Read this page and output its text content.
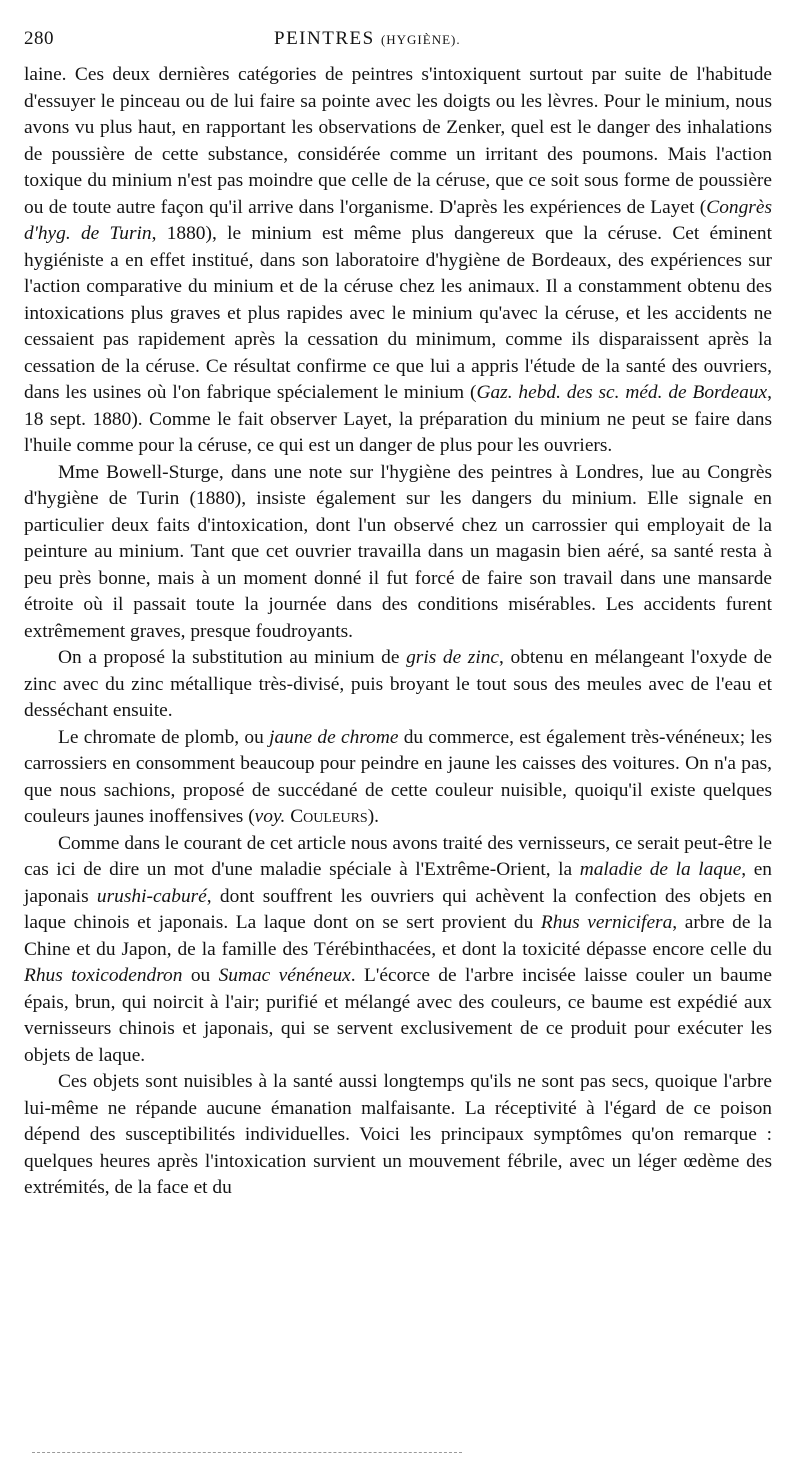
280	PEINTRES (HYGIÈNE).

laine. Ces deux dernières catégories de peintres s'intoxiquent surtout par suite de l'habitude d'essuyer le pinceau ou de lui faire sa pointe avec les doigts ou les lèvres. Pour le minium, nous avons vu plus haut, en rapportant les observations de Zenker, quel est le danger des inhalations de poussière de cette substance, considérée comme un irritant des poumons. Mais l'action toxique du minium n'est pas moindre que celle de la céruse, que ce soit sous forme de poussière ou de toute autre façon qu'il arrive dans l'organisme. D'après les expériences de Layet (Congrès d'hyg. de Turin, 1880), le minium est même plus dangereux que la céruse. Cet éminent hygiéniste a en effet institué, dans son laboratoire d'hygiène de Bordeaux, des expériences sur l'action comparative du minium et de la céruse chez les animaux. Il a constamment obtenu des intoxications plus graves et plus rapides avec le minium qu'avec la céruse, et les accidents ne cessaient pas rapidement après la cessation du minimum, comme ils disparaissent après la cessation de la céruse. Ce résultat confirme ce que lui a appris l'étude de la santé des ouvriers, dans les usines où l'on fabrique spécialement le minium (Gaz. hebd. des sc. méd. de Bordeaux, 18 sept. 1880). Comme le fait observer Layet, la préparation du minium ne peut se faire dans l'huile comme pour la céruse, ce qui est un danger de plus pour les ouvriers.

Mme Bowell-Sturge, dans une note sur l'hygiène des peintres à Londres, lue au Congrès d'hygiène de Turin (1880), insiste également sur les dangers du minium. Elle signale en particulier deux faits d'intoxication, dont l'un observé chez un carrossier qui employait de la peinture au minium. Tant que cet ouvrier travailla dans un magasin bien aéré, sa santé resta à peu près bonne, mais à un moment donné il fut forcé de faire son travail dans une mansarde étroite où il passait toute la journée dans des conditions misérables. Les accidents furent extrêmement graves, presque foudroyants.

On a proposé la substitution au minium de gris de zinc, obtenu en mélangeant l'oxyde de zinc avec du zinc métallique très-divisé, puis broyant le tout sous des meules avec de l'eau et desséchant ensuite.

Le chromate de plomb, ou jaune de chrome du commerce, est également très-vénéneux; les carrossiers en consomment beaucoup pour peindre en jaune les caisses des voitures. On n'a pas, que nous sachions, proposé de succédané de cette couleur nuisible, quoiqu'il existe quelques couleurs jaunes inoffensives (voy. Couleurs).

Comme dans le courant de cet article nous avons traité des vernisseurs, ce serait peut-être le cas ici de dire un mot d'une maladie spéciale à l'Extrême-Orient, la maladie de la laque, en japonais urushi-caburé, dont souffrent les ouvriers qui achèvent la confection des objets en laque chinois et japonais. La laque dont on se sert provient du Rhus vernicifera, arbre de la Chine et du Japon, de la famille des Térébinthacées, et dont la toxicité dépasse encore celle du Rhus toxicodendron ou Sumac vénéneux. L'écorce de l'arbre incisée laisse couler un baume épais, brun, qui noircit à l'air; purifié et mélangé avec des couleurs, ce baume est expédié aux vernisseurs chinois et japonais, qui se servent exclusivement de ce produit pour exécuter les objets de laque.

Ces objets sont nuisibles à la santé aussi longtemps qu'ils ne sont pas secs, quoique l'arbre lui-même ne répande aucune émanation malfaisante. La réceptivité à l'égard de ce poison dépend des susceptibilités individuelles. Voici les principaux symptômes qu'on remarque : quelques heures après l'intoxication survient un mouvement fébrile, avec un léger œdème des extrémités, de la face et du
